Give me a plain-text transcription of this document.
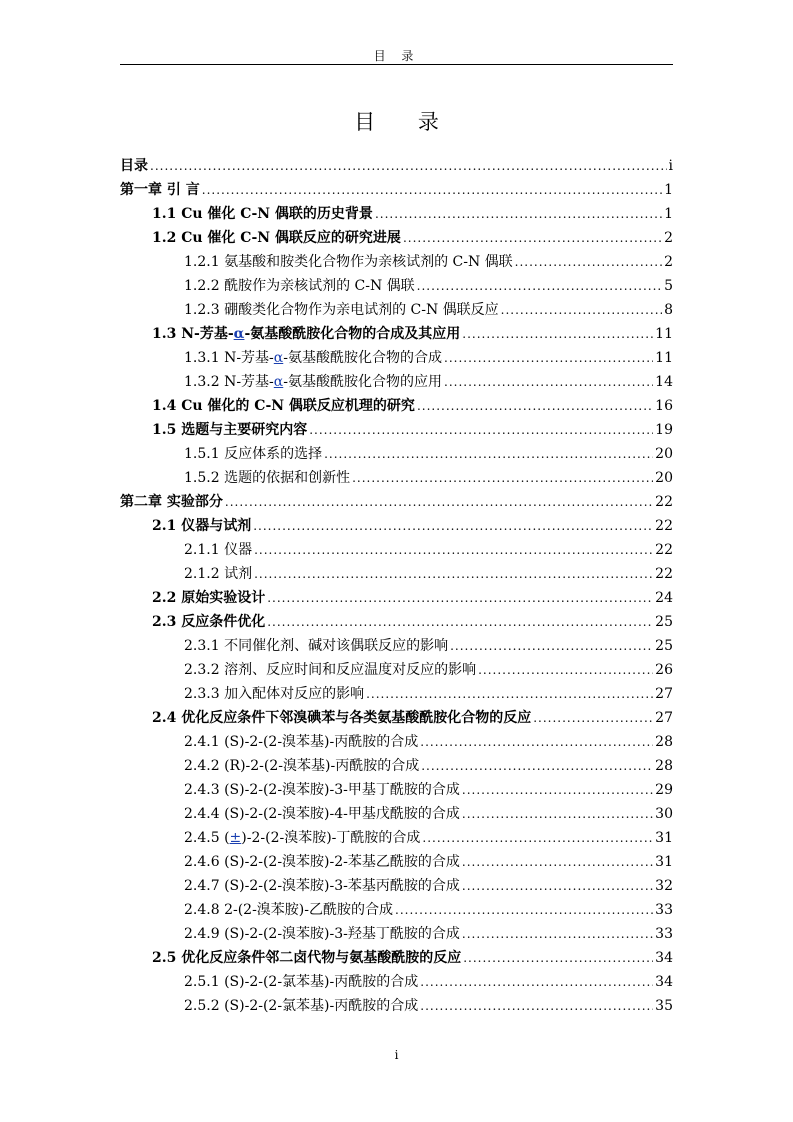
目 录
目 录
目录 .....	i
第一章 引 言 .....	1
1.1 Cu 催化 C-N 偶联的历史背景 .....	1
1.2 Cu 催化 C-N 偶联反应的研究进展 .....	2
1.2.1 氨基酸和胺类化合物作为亲核试剂的 C-N 偶联 .....	2
1.2.2 酰胺作为亲核试剂的 C-N 偶联 .....	5
1.2.3 硼酸类化合物作为亲电试剂的 C-N 偶联反应 .....	8
1.3 N-芳基-α-氨基酸酰胺化合物的合成及其应用 .....	11
1.3.1 N-芳基-α-氨基酸酰胺化合物的合成 .....	11
1.3.2 N-芳基-α-氨基酸酰胺化合物的应用 .....	14
1.4 Cu 催化的 C-N 偶联反应机理的研究 .....	16
1.5 选题与主要研究内容 .....	19
1.5.1 反应体系的选择 .....	20
1.5.2 选题的依据和创新性 .....	20
第二章 实验部分 .....	22
2.1 仪器与试剂 .....	22
2.1.1 仪器 .....	22
2.1.2 试剂 .....	22
2.2 原始实验设计 .....	24
2.3 反应条件优化 .....	25
2.3.1 不同催化剂、碱对该偶联反应的影响 .....	25
2.3.2 溶剂、反应时间和反应温度对反应的影响 .....	26
2.3.3 加入配体对反应的影响 .....	27
2.4 优化反应条件下邻溴碘苯与各类氨基酸酰胺化合物的反应 .....	27
2.4.1 (S)-2-(2-溴苯基)-丙酰胺的合成 .....	28
2.4.2 (R)-2-(2-溴苯基)-丙酰胺的合成 .....	28
2.4.3 (S)-2-(2-溴苯胺)-3-甲基丁酰胺的合成 .....	29
2.4.4 (S)-2-(2-溴苯胺)-4-甲基戊酰胺的合成 .....	30
2.4.5 (±)-2-(2-溴苯胺)-丁酰胺的合成 .....	31
2.4.6 (S)-2-(2-溴苯胺)-2-苯基乙酰胺的合成 .....	31
2.4.7 (S)-2-(2-溴苯胺)-3-苯基丙酰胺的合成 .....	32
2.4.8 2-(2-溴苯胺)-乙酰胺的合成 .....	33
2.4.9 (S)-2-(2-溴苯胺)-3-羟基丁酰胺的合成 .....	33
2.5 优化反应条件邻二卤代物与氨基酸酰胺的反应 .....	34
2.5.1 (S)-2-(2-氯苯基)-丙酰胺的合成 .....	34
2.5.2 (S)-2-(2-氯苯基)-丙酰胺的合成 .....	35
i
